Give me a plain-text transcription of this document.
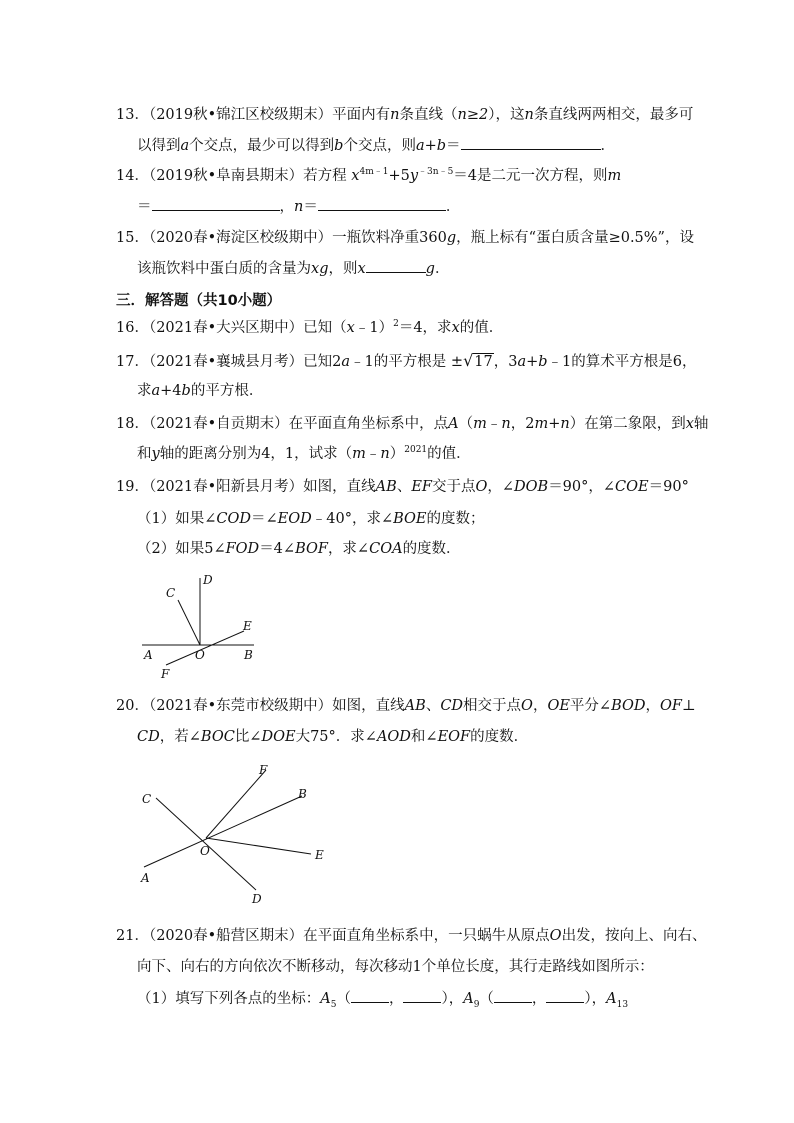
13．（2019秋•锦江区校级期末）平面内有n条直线（n≥2），这n条直线两两相交，最多可
以得到a个交点，最少可以得到b个交点，则a+b＝	．
14．（2019秋•阜南县期末）若方程 $x^{4m﹣1}+5y^{﹣3n﹣5}=4$是二元一次方程，则m
＝	，n＝	．
15．（2020春•海淀区校级期中）一瓶饮料净重360g，瓶上标有“蛋白质含量≥0.5%”，设
该瓶饮料中蛋白质的含量为xg，则x	g．
三．解答题（共10小题）
16．（2021春•大兴区期中）已知（x﹣1）$^2$＝4，求x的值．
17．（2021春•襄城县月考）已知2a﹣1的平方根是 ±√17，3a+b﹣1的算术平方根是6，
求a+4b的平方根．
18．（2021春•自贡期末）在平面直角坐标系中，点A（m﹣n，2m+n）在第二象限，到x轴
和y轴的距离分别为4，1，试求（m﹣n）$^{2021}$的值．
19．（2021春•阳新县月考）如图，直线AB、EF交于点O，∠DOB＝90°，∠COE＝90°
（1）如果∠COD＝∠EOD﹣40°，求∠BOE的度数；
（2）如果5∠FOD＝4∠BOF，求∠COA的度数．
A	B
C
D
E
F
O
20．（2021春•东莞市校级期中）如图，直线AB、CD相交于点O，OE平分∠BOD，OF⊥
CD，若∠BOC比∠DOE大75°．求∠AOD和∠EOF的度数．
C
A
F
B
E
D
O
21．（2020春•船营区期末）在平面直角坐标系中，一只蜗牛从原点O出发，按向上、向右、
向下、向右的方向依次不断移动，每次移动1个单位长度，其行走路线如图所示：
（1）填写下列各点的坐标：$A_5$（	，	），$A_9$（	，	），$A_{13}$
